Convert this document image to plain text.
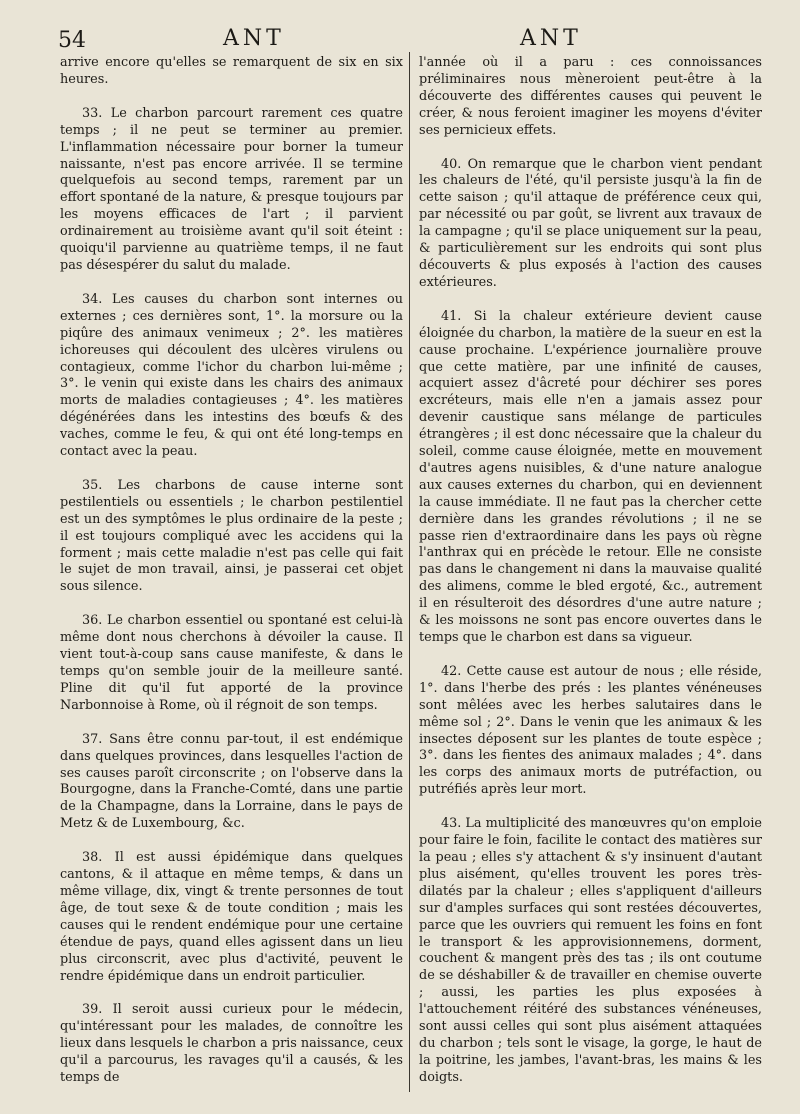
54	ANT	ANT

arrive encore qu'elles se remarquent de six en six heures.

33. Le charbon parcourt rarement ces quatre temps ; il ne peut se terminer au premier. L'inflammation nécessaire pour borner la tumeur naissante, n'est pas encore arrivée. Il se termine quelquefois au second temps, rarement par un effort spontané de la nature, & presque toujours par les moyens efficaces de l'art ; il parvient ordinairement au troisième avant qu'il soit éteint : quoiqu'il parvienne au quatrième temps, il ne faut pas désespérer du salut du malade.

34. Les causes du charbon sont internes ou externes ; ces dernières sont, 1°. la morsure ou la piqûre des animaux venimeux ; 2°. les matières ichoreuses qui découlent des ulcères virulens ou contagieux, comme l'ichor du charbon lui-même ; 3°. le venin qui existe dans les chairs des animaux morts de maladies contagieuses ; 4°. les matières dégénérées dans les intestins des bœufs & des vaches, comme le feu, & qui ont été long-temps en contact avec la peau.

35. Les charbons de cause interne sont pestilentiels ou essentiels ; le charbon pestilentiel est un des symptômes le plus ordinaire de la peste ; il est toujours compliqué avec les accidens qui la forment ; mais cette maladie n'est pas celle qui fait le sujet de mon travail, ainsi, je passerai cet objet sous silence.

36. Le charbon essentiel ou spontané est celui-là même dont nous cherchons à dévoiler la cause. Il vient tout-à-coup sans cause manifeste, & dans le temps qu'on semble jouir de la meilleure santé. Pline dit qu'il fut apporté de la province Narbonnoise à Rome, où il régnoit de son temps.

37. Sans être connu par-tout, il est endémique dans quelques provinces, dans lesquelles l'action de ses causes paroît circonscrite ; on l'observe dans la Bourgogne, dans la Franche-Comté, dans une partie de la Champagne, dans la Lorraine, dans le pays de Metz & de Luxembourg, &c.

38. Il est aussi épidémique dans quelques cantons, & il attaque en même temps, & dans un même village, dix, vingt & trente personnes de tout âge, de tout sexe & de toute condition ; mais les causes qui le rendent endémique pour une certaine étendue de pays, quand elles agissent dans un lieu plus circonscrit, avec plus d'activité, peuvent le rendre épidémique dans un endroit particulier.

39. Il seroit aussi curieux pour le médecin, qu'intéressant pour les malades, de connoître les lieux dans lesquels le charbon a pris naissance, ceux qu'il a parcourus, les ravages qu'il a causés, & les temps de

l'année où il a paru : ces connoissances préliminaires nous mèneroient peut-être à la découverte des différentes causes qui peuvent le créer, & nous feroient imaginer les moyens d'éviter ses pernicieux effets.

40. On remarque que le charbon vient pendant les chaleurs de l'été, qu'il persiste jusqu'à la fin de cette saison ; qu'il attaque de préférence ceux qui, par nécessité ou par goût, se livrent aux travaux de la campagne ; qu'il se place uniquement sur la peau, & particulièrement sur les endroits qui sont plus découverts & plus exposés à l'action des causes extérieures.

41. Si la chaleur extérieure devient cause éloignée du charbon, la matière de la sueur en est la cause prochaine. L'expérience journalière prouve que cette matière, par une infinité de causes, acquiert assez d'âcreté pour déchirer ses pores excréteurs, mais elle n'en a jamais assez pour devenir caustique sans mélange de particules étrangères ; il est donc nécessaire que la chaleur du soleil, comme cause éloignée, mette en mouvement d'autres agens nuisibles, & d'une nature analogue aux causes externes du charbon, qui en deviennent la cause immédiate. Il ne faut pas la chercher cette dernière dans les grandes révolutions ; il ne se passe rien d'extraordinaire dans les pays où règne l'anthrax qui en précède le retour. Elle ne consiste pas dans le changement ni dans la mauvaise qualité des alimens, comme le bled ergoté, &c., autrement il en résulteroit des désordres d'une autre nature ; & les moissons ne sont pas encore ouvertes dans le temps que le charbon est dans sa vigueur.

42. Cette cause est autour de nous ; elle réside, 1°. dans l'herbe des prés : les plantes vénéneuses sont mêlées avec les herbes salutaires dans le même sol ; 2°. Dans le venin que les animaux & les insectes déposent sur les plantes de toute espèce ; 3°. dans les fientes des animaux malades ; 4°. dans les corps des animaux morts de putréfaction, ou putréfiés après leur mort.

43. La multiplicité des manœuvres qu'on emploie pour faire le foin, facilite le contact des matières sur la peau ; elles s'y attachent & s'y insinuent d'autant plus aisément, qu'elles trouvent les pores très-dilatés par la chaleur ; elles s'appliquent d'ailleurs sur d'amples surfaces qui sont restées découvertes, parce que les ouvriers qui remuent les foins en font le transport & les approvisionnemens, dorment, couchent & mangent près des tas ; ils ont coutume de se déshabiller & de travailler en chemise ouverte ; aussi, les parties les plus exposées à l'attouchement réitéré des substances vénéneuses, sont aussi celles qui sont plus aisément attaquées du charbon ; tels sont le visage, la gorge, le haut de la poitrine, les jambes, l'avant-bras, les mains & les doigts.
